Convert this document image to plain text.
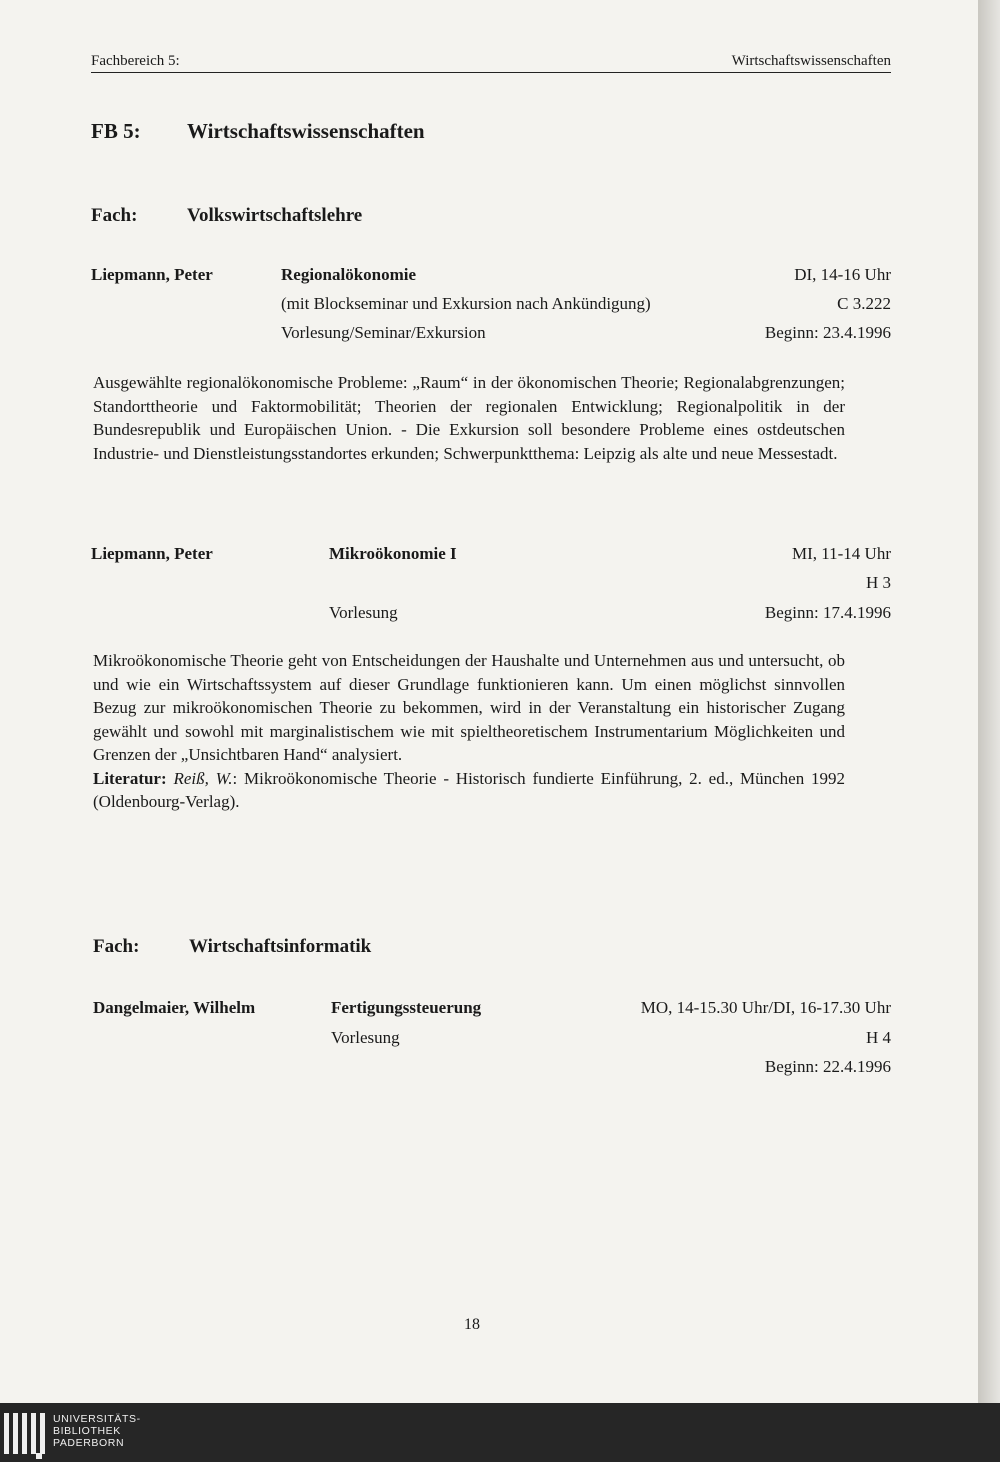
Fachbereich 5:	Wirtschaftswissenschaften
FB 5: Wirtschaftswissenschaften
Fach:	Volkswirtschaftslehre
Liepmann, Peter	Regionalökonomie	DI, 14-16 Uhr
(mit Blockseminar und Exkursion nach Ankündigung)	C 3.222
Vorlesung/Seminar/Exkursion	Beginn: 23.4.1996
Ausgewählte regionalökonomische Probleme: „Raum“ in der ökonomischen Theorie; Regionalabgrenzungen; Standorttheorie und Faktormobilität; Theorien der regionalen Entwicklung; Regionalpolitik in der Bundesrepublik und Europäischen Union. - Die Exkursion soll besondere Probleme eines ostdeutschen Industrie- und Dienstleistungsstandortes erkunden; Schwerpunktthema: Leipzig als alte und neue Messestadt.
Liepmann, Peter	Mikroökonomie I	MI, 11-14 Uhr
H 3
Vorlesung	Beginn: 17.4.1996
Mikroökonomische Theorie geht von Entscheidungen der Haushalte und Unternehmen aus und untersucht, ob und wie ein Wirtschaftssystem auf dieser Grundlage funktionieren kann. Um einen möglichst sinnvollen Bezug zur mikroökonomischen Theorie zu bekommen, wird in der Veranstaltung ein historischer Zugang gewählt und sowohl mit marginalistischem wie mit spieltheoretischem Instrumentarium Möglichkeiten und Grenzen der „Unsichtbaren Hand“ analysiert.
Literatur: Reiß, W.: Mikroökonomische Theorie - Historisch fundierte Einführung, 2. ed., München 1992 (Oldenbourg-Verlag).
Fach:	Wirtschaftsinformatik
Dangelmaier, Wilhelm	Fertigungssteuerung	MO, 14-15.30 Uhr/DI, 16-17.30 Uhr
Vorlesung	H 4
Beginn: 22.4.1996
18
UNIVERSITÄTS-
BIBLIOTHEK
PADERBORN
